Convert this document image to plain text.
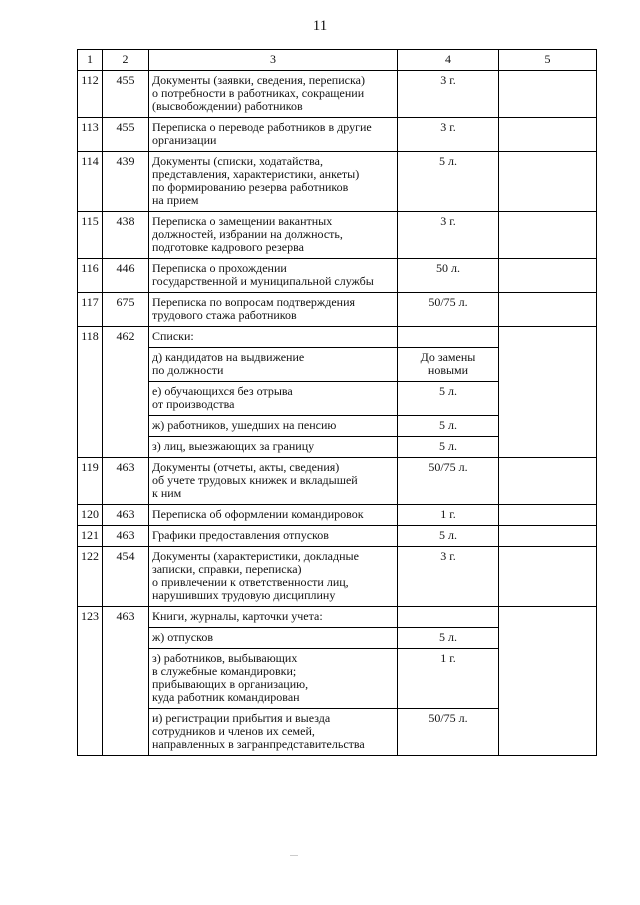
11
1	2	3	4	5
112	455	Документы (заявки, сведения, переписка)
о потребности в работниках, сокращении
(высвобождении) работников	3 г.	
113	455	Переписка о переводе работников в другие
организации	3 г.	
114	439	Документы (списки, ходатайства,
представления, характеристики, анкеты)
по формированию резерва работников
на прием	5 л.	
115	438	Переписка о замещении вакантных
должностей, избрании на должность,
подготовке кадрового резерва	3 г.	
116	446	Переписка о прохождении
государственной и муниципальной службы	50 л.	
117	675	Переписка по вопросам подтверждения
трудового стажа работников	50/75 л.	
118	462	Списки:		
		д) кандидатов на выдвижение
по должности	До замены
новыми	
		е) обучающихся без отрыва
от производства	5 л.	
		ж) работников, ушедших на пенсию	5 л.	
		з) лиц, выезжающих за границу	5 л.	
119	463	Документы (отчеты, акты, сведения)
об учете трудовых книжек и вкладышей
к ним	50/75 л.	
120	463	Переписка об оформлении командировок	1 г.	
121	463	Графики предоставления отпусков	5 л.	
122	454	Документы (характеристики, докладные
записки, справки, переписка)
о привлечении к ответственности лиц,
нарушивших трудовую дисциплину	3 г.	
123	463	Книги, журналы, карточки учета:		
		ж) отпусков	5 л.	
		з) работников, выбывающих
в служебные командировки;
прибывающих в организацию,
куда работник командирован	1 г.	
		и) регистрации прибытия и выезда
сотрудников и членов их семей,
направленных в загранпредставительства	50/75 л.	
